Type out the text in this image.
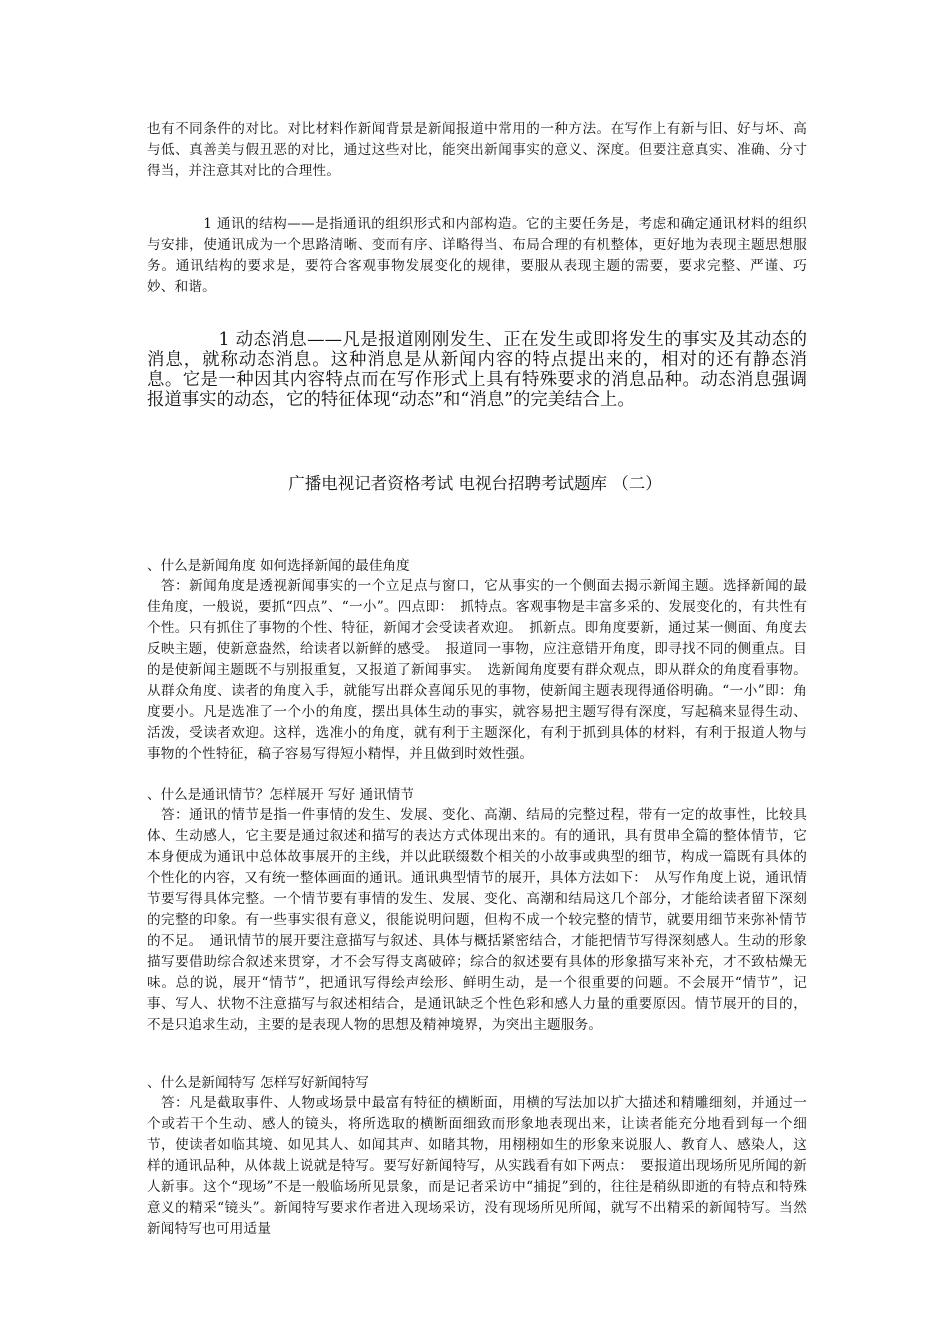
也有不同条件的对比。对比材料作新闻背景是新闻报道中常用的一种方法。在写作上有新与旧、好与坏、高与低、真善美与假丑恶的对比，通过这些对比，能突出新闻事实的意义、深度。但要注意真实、准确、分寸得当，并注意其对比的合理性。　

　　　　1 通讯的结构——是指通讯的组织形式和内部构造。它的主要任务是，考虑和确定通讯材料的组织与安排，使通讯成为一个思路清晰、变而有序、详略得当、布局合理的有机整体，更好地为表现主题思想服务。通讯结构的要求是，要符合客观事物发展变化的规律，要服从表现主题的需要，要求完整、严谨、巧妙、和谐。

　　　　1 动态消息——凡是报道刚刚发生、正在发生或即将发生的事实及其动态的消息，就称动态消息。这种消息是从新闻内容的特点提出来的，相对的还有静态消息。它是一种因其内容特点而在写作形式上具有特殊要求的消息品种。动态消息强调报道事实的动态，它的特征体现“动态”和“消息”的完美结合上。

广播电视记者资格考试 电视台招聘考试题库 （二）

、什么是新闻角度 如何选择新闻的最佳角度

答：新闻角度是透视新闻事实的一个立足点与窗口，它从事实的一个侧面去揭示新闻主题。选择新闻的最佳角度，一般说，要抓“四点”、“一小”。四点即：　抓特点。客观事物是丰富多采的、发展变化的，有共性有个性。只有抓住了事物的个性、特征，新闻才会受读者欢迎。　抓新点。即角度要新，通过某一侧面、角度去反映主题，使新意盎然，给读者以新鲜的感受。　报道同一事物，应注意错开角度，即寻找不同的侧重点。目的是使新闻主题既不与别报重复，又报道了新闻事实。　选新闻角度要有群众观点，即从群众的角度看事物。从群众角度、读者的角度入手，就能写出群众喜闻乐见的事物，使新闻主题表现得通俗明确。“一小”即：角度要小。凡是选准了一个小的角度，摆出具体生动的事实，就容易把主题写得有深度，写起稿来显得生动、活泼，受读者欢迎。这样，选准小的角度，就有利于主题深化，有利于抓到具体的材料，有利于报道人物与事物的个性特征，稿子容易写得短小精悍，并且做到时效性强。　

、什么是通讯情节？怎样展开 写好 通讯情节

答：通讯的情节是指一件事情的发生、发展、变化、高潮、结局的完整过程，带有一定的故事性，比较具体、生动感人，它主要是通过叙述和描写的表达方式体现出来的。有的通讯，具有贯串全篇的整体情节，它本身便成为通讯中总体故事展开的主线，并以此联缀数个相关的小故事或典型的细节，构成一篇既有具体的个性化的内容，又有统一整体画面的通讯。通讯典型情节的展开，具体方法如下：　从写作角度上说，通讯情节要写得具体完整。一个情节要有事情的发生、发展、变化、高潮和结局这几个部分，才能给读者留下深刻的完整的印象。有一些事实很有意义，很能说明问题，但构不成一个较完整的情节，就要用细节来弥补情节的不足。　通讯情节的展开要注意描写与叙述、具体与概括紧密结合，才能把情节写得深刻感人。生动的形象描写要借助综合叙述来贯穿，才不会写得支离破碎；综合的叙述要有具体的形象描写来补充，才不致枯燥无味。总的说，展开“情节”，把通讯写得绘声绘形、鲜明生动，是一个很重要的问题。不会展开“情节”，记事、写人、状物不注意描写与叙述相结合，是通讯缺乏个性色彩和感人力量的重要原因。情节展开的目的，不是只追求生动，主要的是表现人物的思想及精神境界，为突出主题服务。　

、什么是新闻特写 怎样写好新闻特写

答：凡是截取事件、人物或场景中最富有特征的横断面，用横的写法加以扩大描述和精雕细刻，并通过一个或若干个生动、感人的镜头，将所选取的横断面细致而形象地表现出来，让读者能充分地看到每一个细节，使读者如临其境、如见其人、如闻其声、如睹其物，用栩栩如生的形象来说服人、教育人、感染人，这样的通讯品种，从体裁上说就是特写。要写好新闻特写，从实践看有如下两点：　要报道出现场所见所闻的新人新事。这个“现场”不是一般临场所见景象，而是记者采访中“捕捉”到的，往往是稍纵即逝的有特点和特殊意义的精采“镜头”。新闻特写要求作者进入现场采访，没有现场所见所闻，就写不出精采的新闻特写。当然新闻特写也可用适量
